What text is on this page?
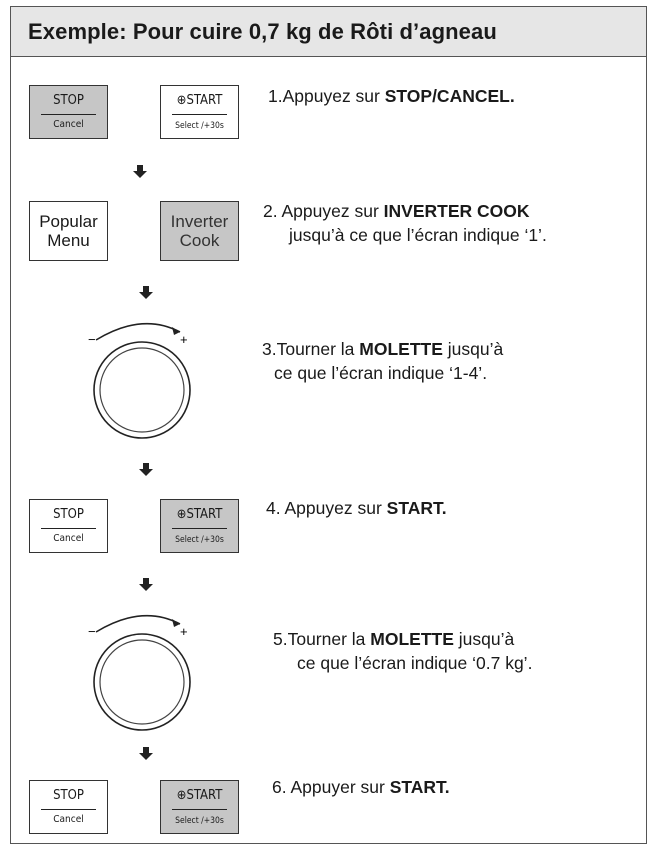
Exemple: Pour cuire 0,7 kg de Rôti d’agneau
STOP
Cancel
⊕START
Select /+30s
1.Appuyez sur STOP/CANCEL.
Popular
Menu
Inverter
Cook
2. Appuyez sur INVERTER COOK
jusqu’à ce que l’écran indique ‘1’.
−	+	3.Tourner la MOLETTE jusqu’à
ce que l’écran indique ‘1-4’.
STOP
Cancel
⊕START
Select /+30s
4. Appuyez sur START.
−	+	5.Tourner la MOLETTE jusqu’à
ce que l’écran indique ‘0.7 kg’.
STOP
Cancel
⊕START
Select /+30s
6. Appuyer sur START.
